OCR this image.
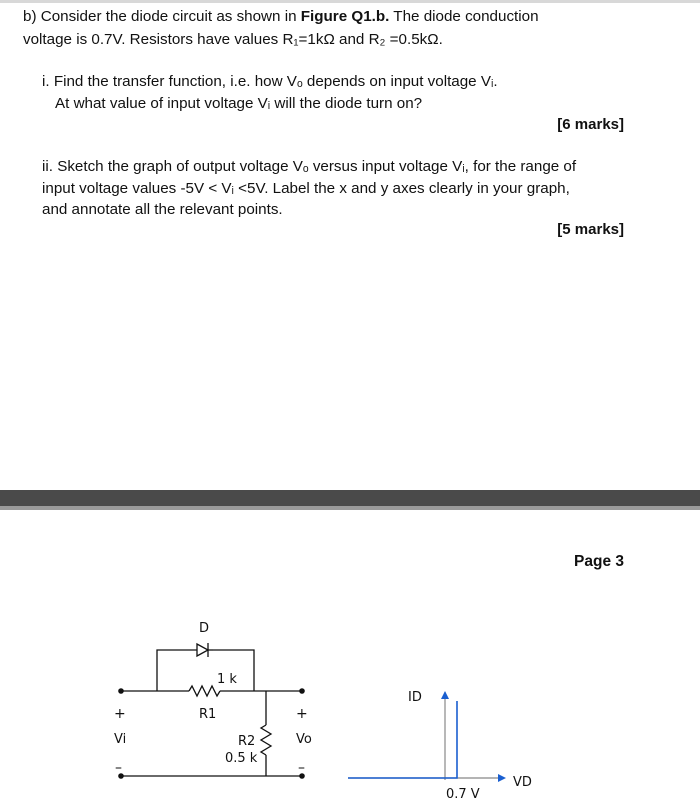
b) Consider the diode circuit as shown in Figure Q1.b. The diode conduction
voltage is 0.7V. Resistors have values R₁=1kΩ and R₂ =0.5kΩ.
i. Find the transfer function, i.e. how Vₒ depends on input voltage Vᵢ.
At what value of input voltage Vᵢ will the diode turn on?
[6 marks]
ii. Sketch the graph of output voltage Vₒ versus input voltage Vᵢ, for the range of
input voltage values -5V < Vᵢ <5V. Label the x and y axes clearly in your graph,
and annotate all the relevant points.
[5 marks]
Page 3
D
1 k
R1
R2
0.5 k
+
Vi
–
+
Vo
–
ID
VD
0.7 V
